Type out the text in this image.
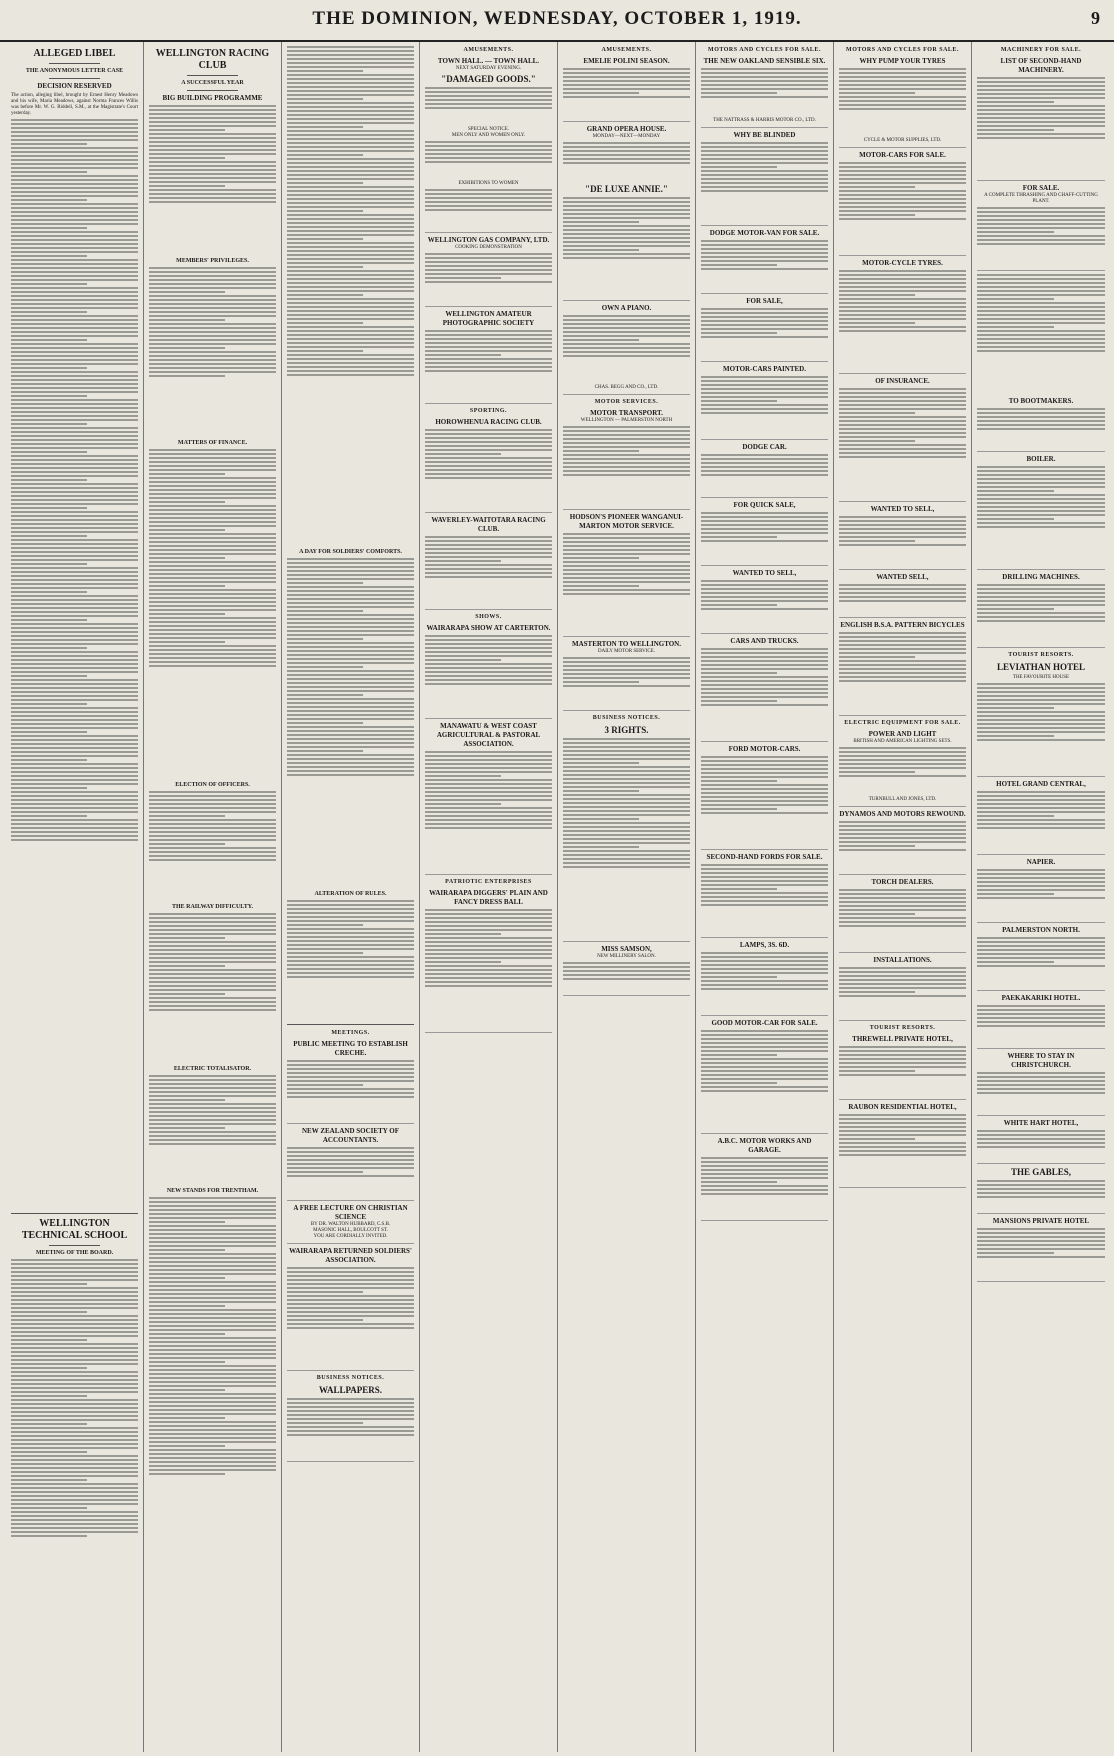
THE DOMINION, WEDNESDAY, OCTOBER 1, 1919.	9
ALLEGED LIBEL
THE ANONYMOUS LETTER CASE
DECISION RESERVED
The action, alleging libel, brought by Ernest Henry Meadows and his wife, Maria Meadows, against Norma Frances Willis was before Mr. W. G. Riddell, S.M., at the Magistrate's Court yesterday.
WELLINGTON TECHNICAL SCHOOL
MEETING OF THE BOARD.
WELLINGTON RACING CLUB
A SUCCESSFUL YEAR
BIG BUILDING PROGRAMME
MEMBERS' PRIVILEGES.
MATTERS OF FINANCE.
ELECTION OF OFFICERS.
THE RAILWAY DIFFICULTY.
ELECTRIC TOTALISATOR.
NEW STANDS FOR TRENTHAM.
A DAY FOR SOLDIERS' COMFORTS.
ALTERATION OF RULES.
MEETINGS.
PUBLIC MEETING TO ESTABLISH CRECHE.
NEW ZEALAND SOCIETY OF ACCOUNTANTS.
A FREE LECTURE ON CHRISTIAN SCIENCE
BY DR. WALTON HUBBARD, C.S.B.
MASONIC HALL, BOULCOTT ST.
YOU ARE CORDIALLY INVITED.
WAIRARAPA RETURNED SOLDIERS' ASSOCIATION.
BUSINESS NOTICES.
WALLPAPERS.
AMUSEMENTS.
TOWN HALL. — TOWN HALL.
NEXT SATURDAY EVENING.
"DAMAGED GOODS."
SPECIAL NOTICE.
MEN ONLY AND WOMEN ONLY.
EXHIBITIONS TO WOMEN
WELLINGTON GAS COMPANY, LTD.
COOKING DEMONSTRATION
WELLINGTON AMATEUR PHOTOGRAPHIC SOCIETY
SPORTING.
HOROWHENUA RACING CLUB.
WAVERLEY-WAITOTARA RACING CLUB.
SHOWS.
WAIRARAPA SHOW AT CARTERTON.
MANAWATU & WEST COAST AGRICULTURAL & PASTORAL ASSOCIATION.
PATRIOTIC ENTERPRISES
WAIRARAPA DIGGERS' PLAIN AND FANCY DRESS BALL
AMUSEMENTS.
EMELIE POLINI SEASON.
GRAND OPERA HOUSE.
MONDAY—NEXT—MONDAY
"DE LUXE ANNIE."
OWN A PIANO.
CHAS. BEGG AND CO., LTD.
MOTOR SERVICES.
MOTOR TRANSPORT.
WELLINGTON — PALMERSTON NORTH
HODSON'S PIONEER WANGANUI-MARTON MOTOR SERVICE.
MASTERTON TO WELLINGTON.
DAILY MOTOR SERVICE.
BUSINESS NOTICES.
3 RIGHTS.
MISS SAMSON,
NEW MILLINERY SALON.
MOTORS AND CYCLES FOR SALE.
THE NEW OAKLAND SENSIBLE SIX.
THE NATTRASS & HARRIS MOTOR CO., LTD.
WHY BE BLINDED
DODGE MOTOR-VAN FOR SALE.
FOR SALE,
MOTOR-CARS PAINTED.
DODGE CAR.
FOR QUICK SALE,
WANTED TO SELL,
CARS AND TRUCKS.
FORD MOTOR-CARS.
SECOND-HAND FORDS FOR SALE.
LAMPS, 3S. 6D.
GOOD MOTOR-CAR FOR SALE.
A.B.C. MOTOR WORKS AND GARAGE.
MOTORS AND CYCLES FOR SALE.
WHY PUMP YOUR TYRES
CYCLE & MOTOR SUPPLIES, LTD.
MOTOR-CARS FOR SALE.
MOTOR-CYCLE TYRES.
OF INSURANCE.
WANTED TO SELL,
WANTED SELL,
ENGLISH B.S.A. PATTERN BICYCLES
ELECTRIC EQUIPMENT FOR SALE.
POWER AND LIGHT
BRITISH AND AMERICAN LIGHTING SETS.
TURNBULL AND JONES, LTD.
DYNAMOS AND MOTORS REWOUND.
TORCH DEALERS.
INSTALLATIONS.
TOURIST RESORTS.
THREWELL PRIVATE HOTEL,
RAUBON RESIDENTIAL HOTEL,
MACHINERY FOR SALE.
LIST OF SECOND-HAND MACHINERY.
FOR SALE.
A COMPLETE THRASHING AND CHAFF-CUTTING PLANT.
TO BOOTMAKERS.
BOILER.
DRILLING MACHINES.
TOURIST RESORTS.
LEVIATHAN HOTEL
THE FAVOURITE HOUSE
HOTEL GRAND CENTRAL,
NAPIER.
PALMERSTON NORTH.
PAEKAKARIKI HOTEL.
WHERE TO STAY IN CHRISTCHURCH.
WHITE HART HOTEL,
THE GABLES,
MANSIONS PRIVATE HOTEL
